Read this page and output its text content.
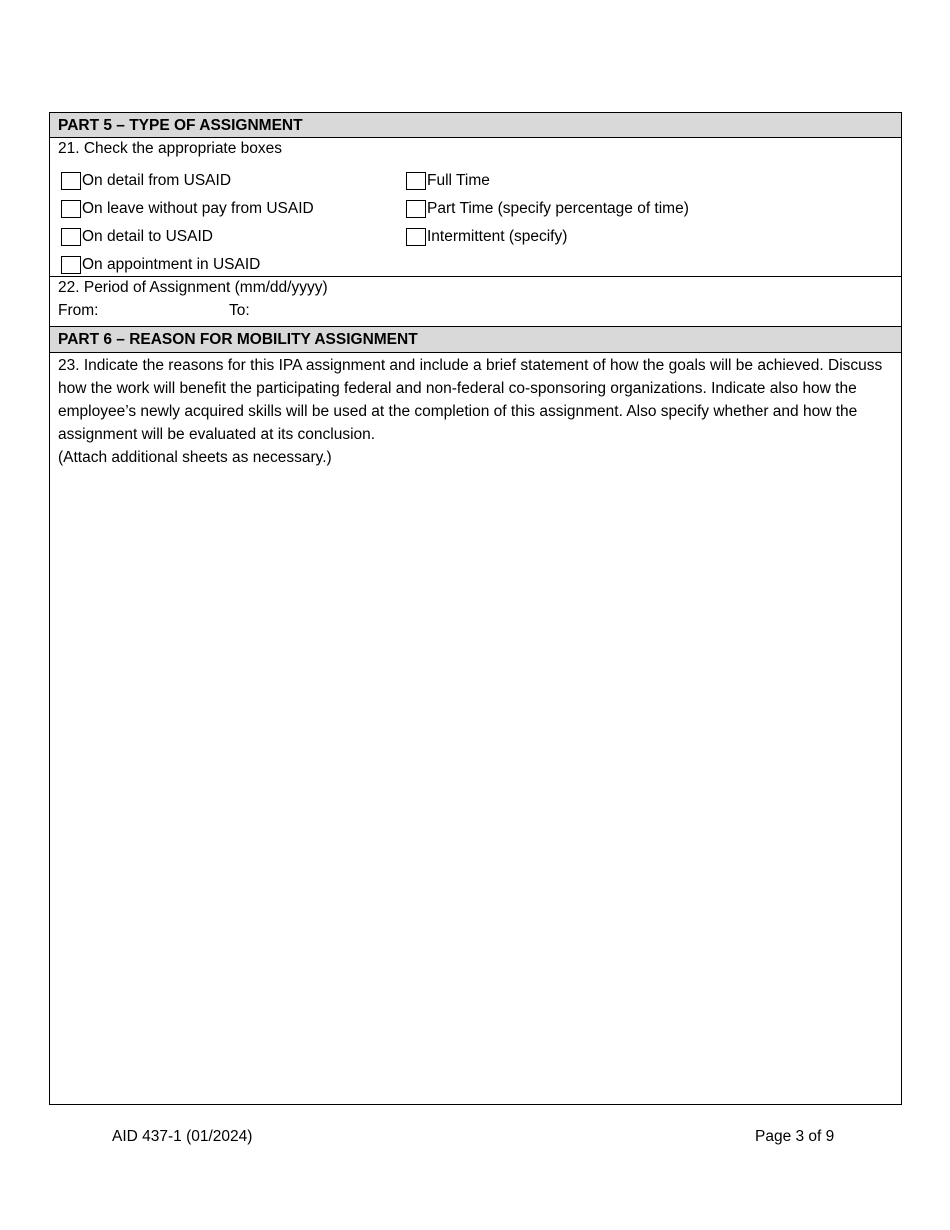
PART 5 – TYPE OF ASSIGNMENT
21. Check the appropriate boxes
On detail from USAID
On leave without pay from USAID
On detail to USAID
On appointment in USAID
Full Time
Part Time (specify percentage of time)
Intermittent (specify)
22. Period of Assignment (mm/dd/yyyy)
From:	To:
PART 6 – REASON FOR MOBILITY ASSIGNMENT
23. Indicate the reasons for this IPA assignment and include a brief statement of how the goals will be achieved. Discuss how the work will benefit the participating federal and non-federal co-sponsoring organizations. Indicate also how the employee’s newly acquired skills will be used at the completion of this assignment. Also specify whether and how the assignment will be evaluated at its conclusion.
(Attach additional sheets as necessary.)
AID 437-1 (01/2024)	Page 3 of 9
